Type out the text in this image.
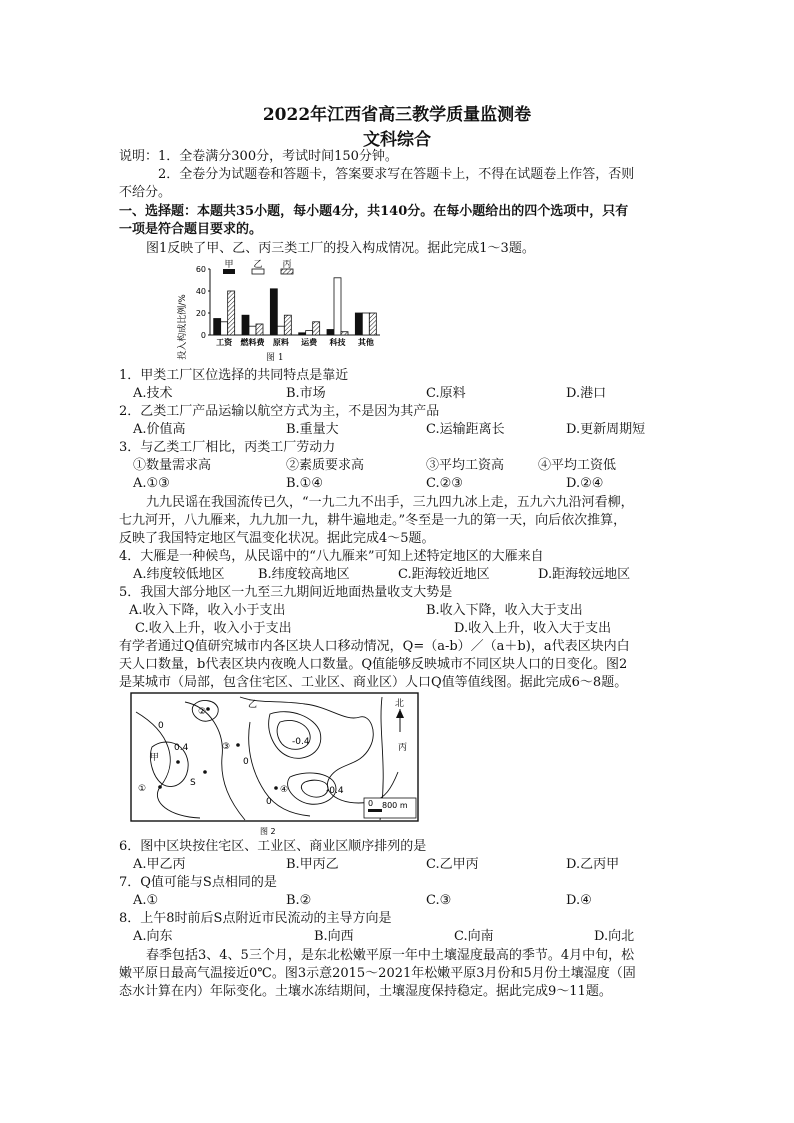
2022年江西省高三教学质量监测卷
文科综合
说明：1．全卷满分300分，考试时间150分钟。
2．全卷分为试题卷和答题卡，答案要求写在答题卡上，不得在试题卷上作答，否则
不给分。
一、选择题：本题共35小题，每小题4分，共140分。在每小题给出的四个选项中，只有
一项是符合题目要求的。
图1反映了甲、乙、丙三类工厂的投入构成情况。据此完成1～3题。
投入构成比例/%
甲 乙 丙
0
20
40
60
工资 燃料费 原料 运费 科技 其他
图 1
1．甲类工厂区位选择的共同特点是靠近
A.技术	B.市场	C.原料	D.港口
2．乙类工厂产品运输以航空方式为主，不是因为其产品
A.价值高	B.重量大	C.运输距离长	D.更新周期短
3．与乙类工厂相比，丙类工厂劳动力
①数量需求高	②素质要求高	③平均工资高	④平均工资低
A.①③	B.①④	C.②③	D.②④
九九民谣在我国流传已久，“一九二九不出手，三九四九冰上走，五九六九沿河看柳，
七九河开，八九雁来，九九加一九，耕牛遍地走。”冬至是一九的第一天，向后依次推算，
反映了我国特定地区气温变化状况。据此完成4～5题。
4．大雁是一种候鸟，从民谣中的“八九雁来”可知上述特定地区的大雁来自
A.纬度较低地区	B.纬度较高地区	C.距海较近地区	D.距海较远地区
5．我国大部分地区一九至三九期间近地面热量收支大势是
A.收入下降，收入小于支出	B.收入下降，收入大于支出
C.收入上升，收入小于支出	D.收入上升，收入大于支出
有学者通过Q值研究城市内各区块人口移动情况，Q=（a-b）／（a＋b)，a代表区块内白
天人口数量，b代表区块内夜晚人口数量。Q值能够反映城市不同区块人口的日变化。图2
是某城市（局部，包含住宅区、工业区、商业区）人口Q值等值线图。据此完成6～8题。
②
③
①	④
甲
S
乙
丙
0.4
-0.4
-0.4
0
0
0
北
0 800 m
图 2
6．图中区块按住宅区、工业区、商业区顺序排列的是
A.甲乙丙	B.甲丙乙	C.乙甲丙	D.乙丙甲
7．Q值可能与S点相同的是
A.①	B.②	C.③	D.④
8．上午8时前后S点附近市民流动的主导方向是
A.向东	B.向西	C.向南	D.向北
春季包括3、4、5三个月，是东北松嫩平原一年中土壤湿度最高的季节。4月中旬，松
嫩平原日最高气温接近0℃。图3示意2015～2021年松嫩平原3月份和5月份土壤湿度（固
态水计算在内）年际变化。土壤水冻结期间，土壤湿度保持稳定。据此完成9～11题。
